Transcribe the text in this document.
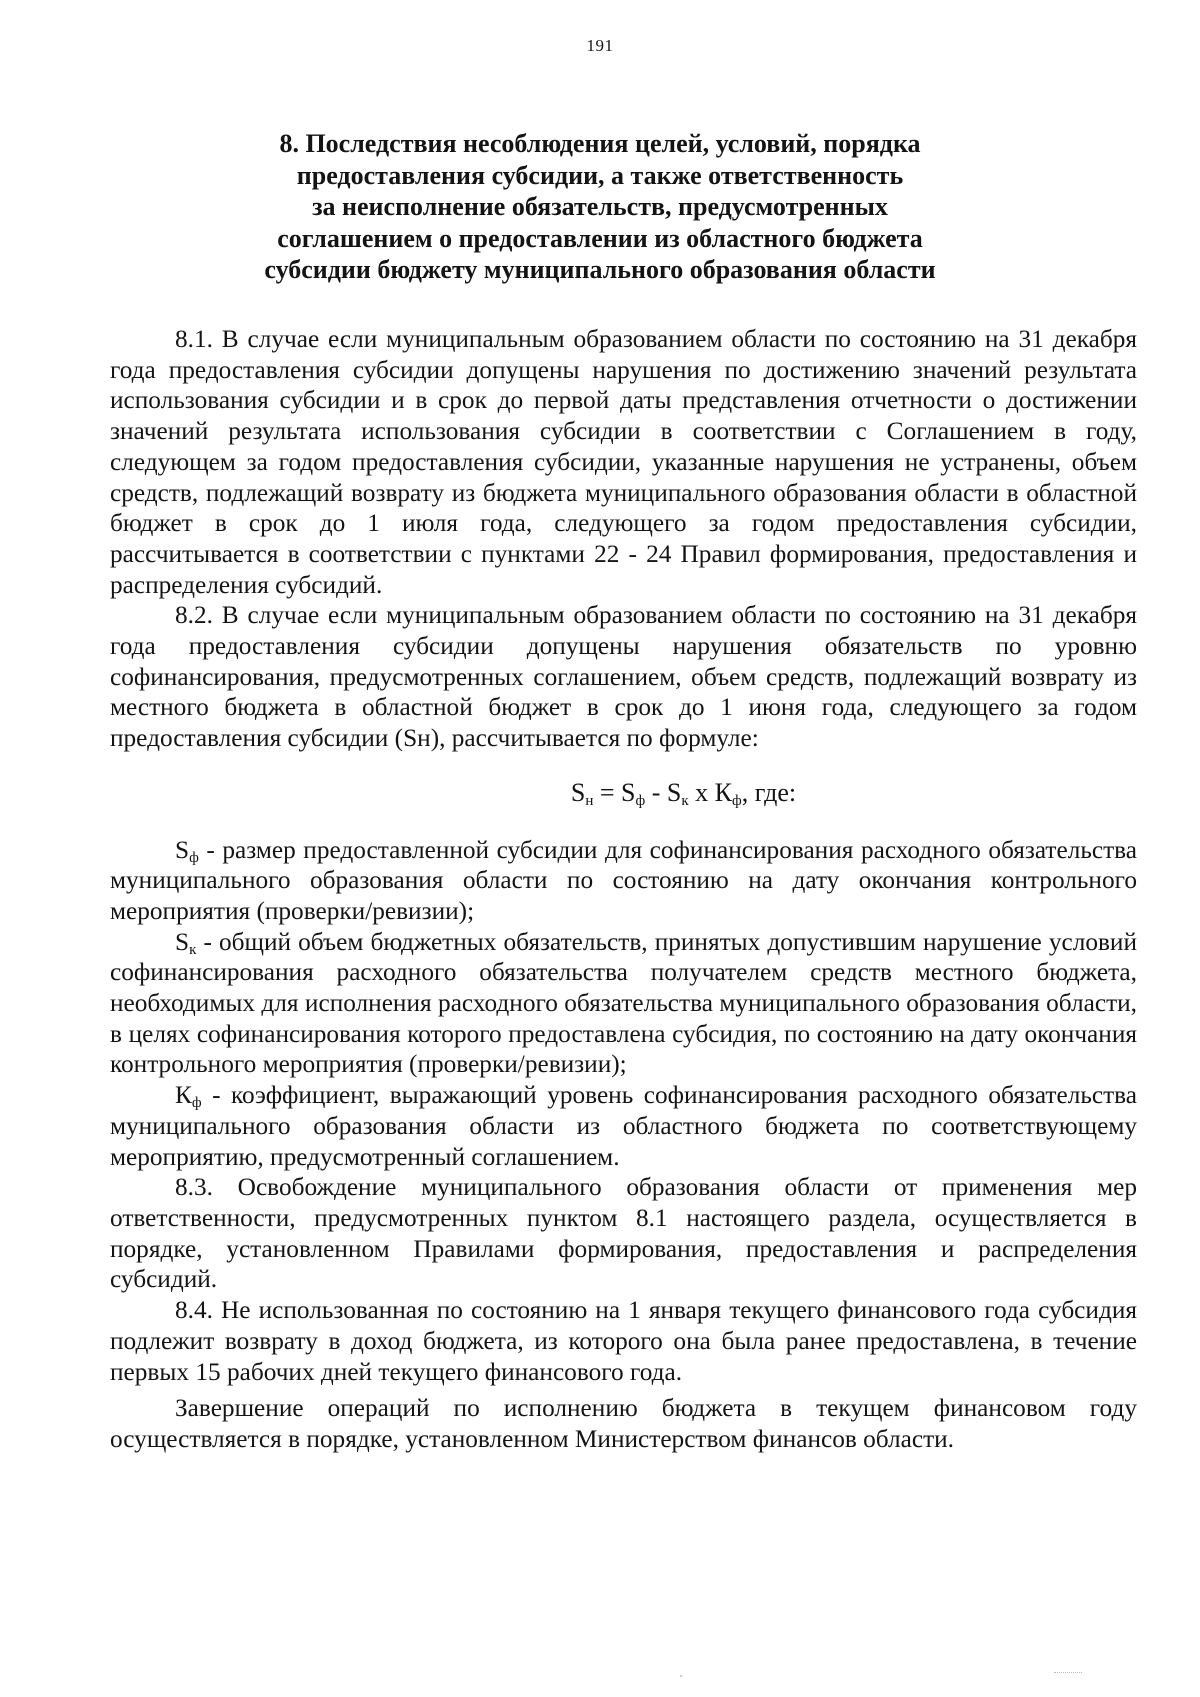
191
8. Последствия несоблюдения целей, условий, порядка
предоставления субсидии, а также ответственность
за неисполнение обязательств, предусмотренных
соглашением о предоставлении из областного бюджета
субсидии бюджету муниципального образования области

8.1. В случае если муниципальным образованием области по состоянию на 31 декабря года предоставления субсидии допущены нарушения по достижению значений результата использования субсидии и в срок до первой даты представления отчетности о достижении значений результата использования субсидии в соответствии с Соглашением в году, следующем за годом предоставления субсидии, указанные нарушения не устранены, объем средств, подлежащий возврату из бюджета муниципального образования области в областной бюджет в срок до 1 июля года, следующего за годом предоставления субсидии, рассчитывается в соответствии с пунктами 22 - 24 Правил формирования, предоставления и распределения субсидий.

8.2. В случае если муниципальным образованием области по состоянию на 31 декабря года предоставления субсидии допущены нарушения обязательств по уровню софинансирования, предусмотренных соглашением, объем средств, подлежащий возврату из местного бюджета в областной бюджет в срок до 1 июня года, следующего за годом предоставления субсидии (Sн), рассчитывается по формуле:

$S_н = S_ф - S_к$ x $К_ф$, где:

$S_ф$ - размер предоставленной субсидии для софинансирования расходного обязательства муниципального образования области по состоянию на дату окончания контрольного мероприятия (проверки/ревизии);

$S_к$ - общий объем бюджетных обязательств, принятых допустившим нарушение условий софинансирования расходного обязательства получателем средств местного бюджета, необходимых для исполнения расходного обязательства муниципального образования области, в целях софинансирования которого предоставлена субсидия, по состоянию на дату окончания контрольного мероприятия (проверки/ревизии);

$К_ф$ - коэффициент, выражающий уровень софинансирования расходного обязательства муниципального образования области из областного бюджета по соответствующему мероприятию, предусмотренный соглашением.

8.3. Освобождение муниципального образования области от применения мер ответственности, предусмотренных пунктом 8.1 настоящего раздела, осуществляется в порядке, установленном Правилами формирования, предоставления и распределения субсидий.

8.4. Не использованная по состоянию на 1 января текущего финансового года субсидия подлежит возврату в доход бюджета, из которого она была ранее предоставлена, в течение первых 15 рабочих дней текущего финансового года.

Завершение операций по исполнению бюджета в текущем финансовом году осуществляется в порядке, установленном Министерством финансов области.
